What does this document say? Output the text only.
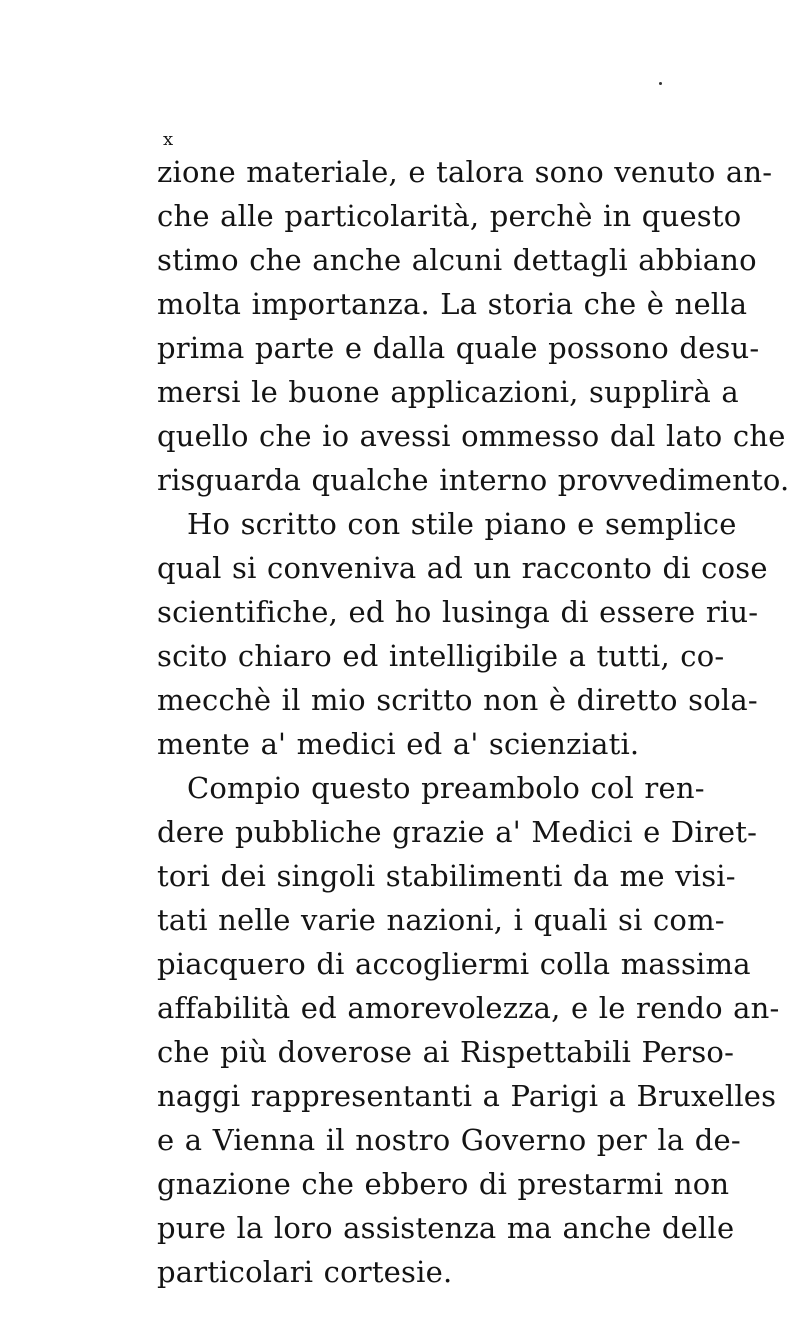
x
zione materiale, e talora sono venuto an-
che alle particolarità, perchè in questo
stimo che anche alcuni dettagli abbiano
molta importanza. La storia che è nella
prima parte e dalla quale possono desu-
mersi le buone applicazioni, supplirà a
quello che io avessi ommesso dal lato che
risguarda qualche interno provvedimento.
Ho scritto con stile piano e semplice
qual si conveniva ad un racconto di cose
scientifiche, ed ho lusinga di essere riu-
scito chiaro ed intelligibile a tutti, co-
mecchè il mio scritto non è diretto sola-
mente a' medici ed a' scienziati.
Compio questo preambolo col ren-
dere pubbliche grazie a' Medici e Diret-
tori dei singoli stabilimenti da me visi-
tati nelle varie nazioni, i quali si com-
piacquero di accogliermi colla massima
affabilità ed amorevolezza, e le rendo an-
che più doverose ai Rispettabili Perso-
naggi rappresentanti a Parigi a Bruxelles
e a Vienna il nostro Governo per la de-
gnazione che ebbero di prestarmi non
pure la loro assistenza ma anche delle
particolari cortesie.
